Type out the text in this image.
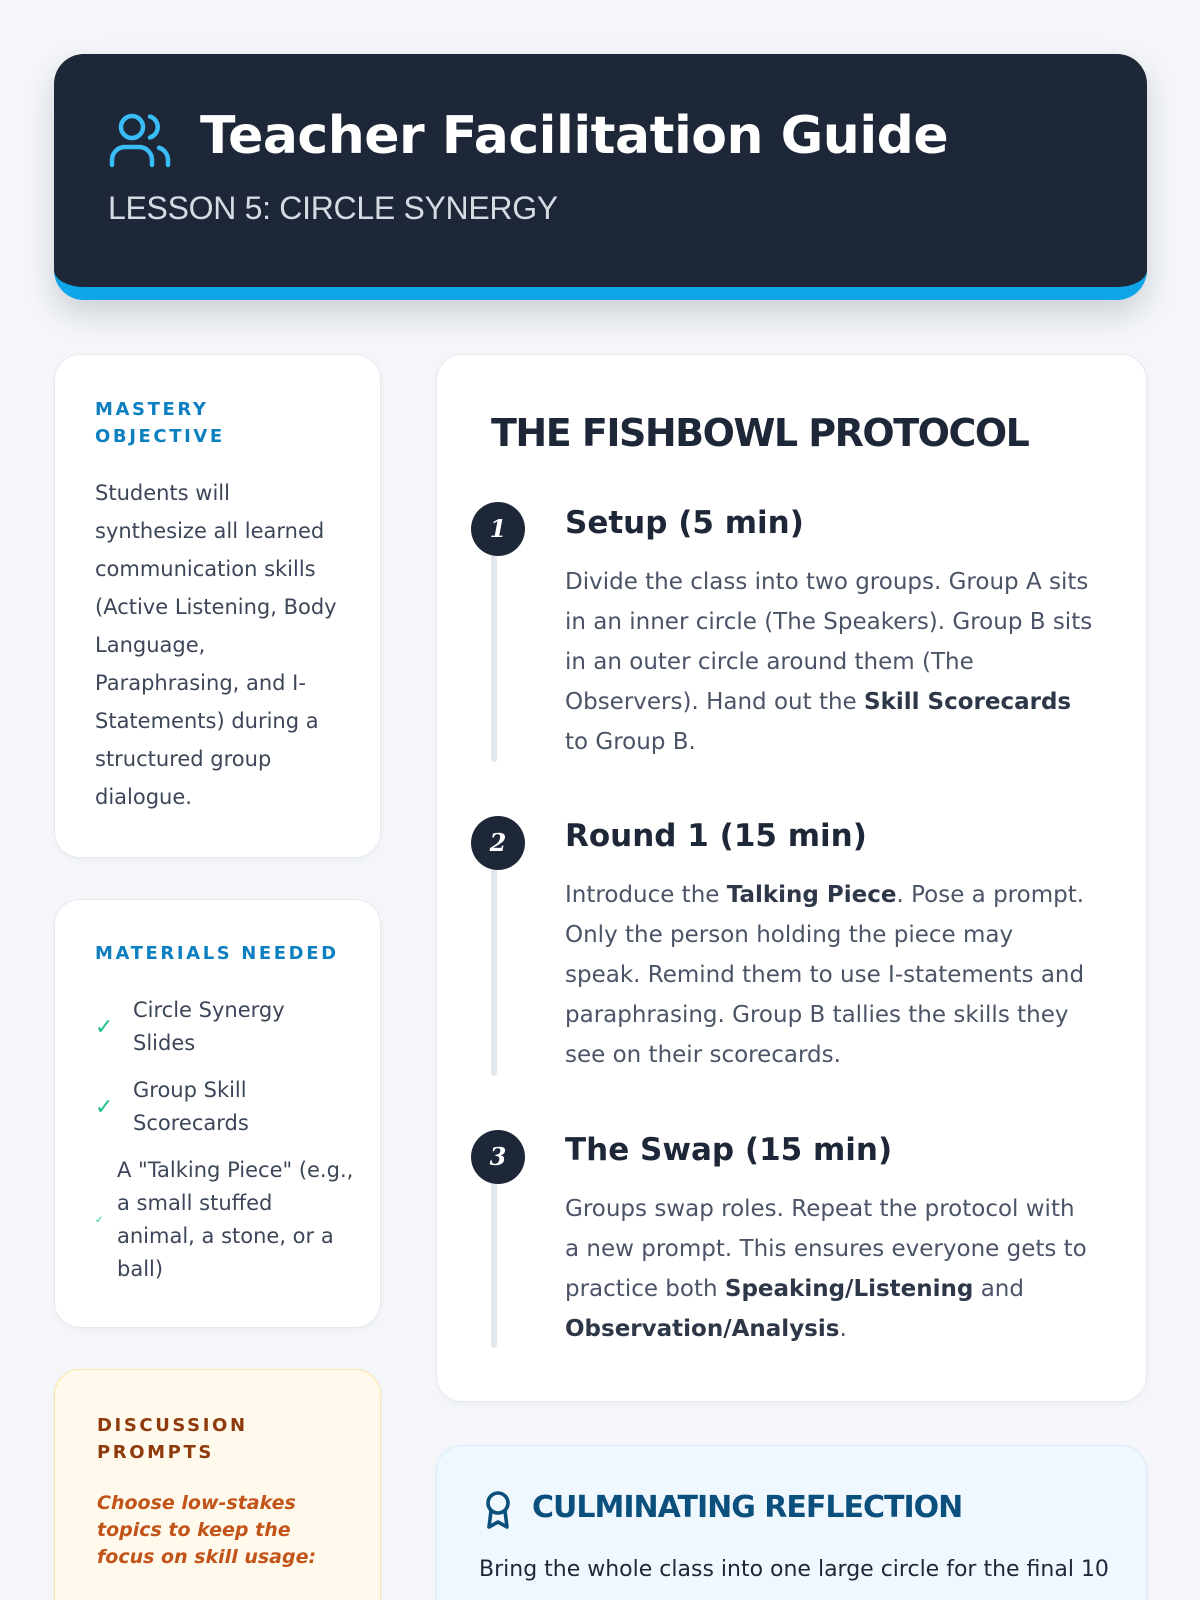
Teacher Facilitation Guide
LESSON 5: CIRCLE SYNERGY
MASTERY OBJECTIVE
Students will synthesize all learned communication skills (Active Listening, Body Language, Paraphrasing, and I-Statements) during a structured group dialogue.
MATERIALS NEEDED
✓
Circle Synergy Slides
✓
Group Skill Scorecards
✓
A "Talking Piece" (e.g., a small stuffed animal, a stone, or a ball)
DISCUSSION PROMPTS
Choose low-stakes topics to keep the focus on skill usage:
THE FISHBOWL PROTOCOL
1	Setup (5 min)
Divide the class into two groups. Group A sits in an inner circle (The Speakers). Group B sits in an outer circle around them (The Observers). Hand out the Skill Scorecards to Group B.
2	Round 1 (15 min)
Introduce the Talking Piece. Pose a prompt. Only the person holding the piece may speak. Remind them to use I-statements and paraphrasing. Group B tallies the skills they see on their scorecards.
3	The Swap (15 min)
Groups swap roles. Repeat the protocol with a new prompt. This ensures everyone gets to practice both Speaking/Listening and Observation/Analysis.
CULMINATING REFLECTION
Bring the whole class into one large circle for the final 10
